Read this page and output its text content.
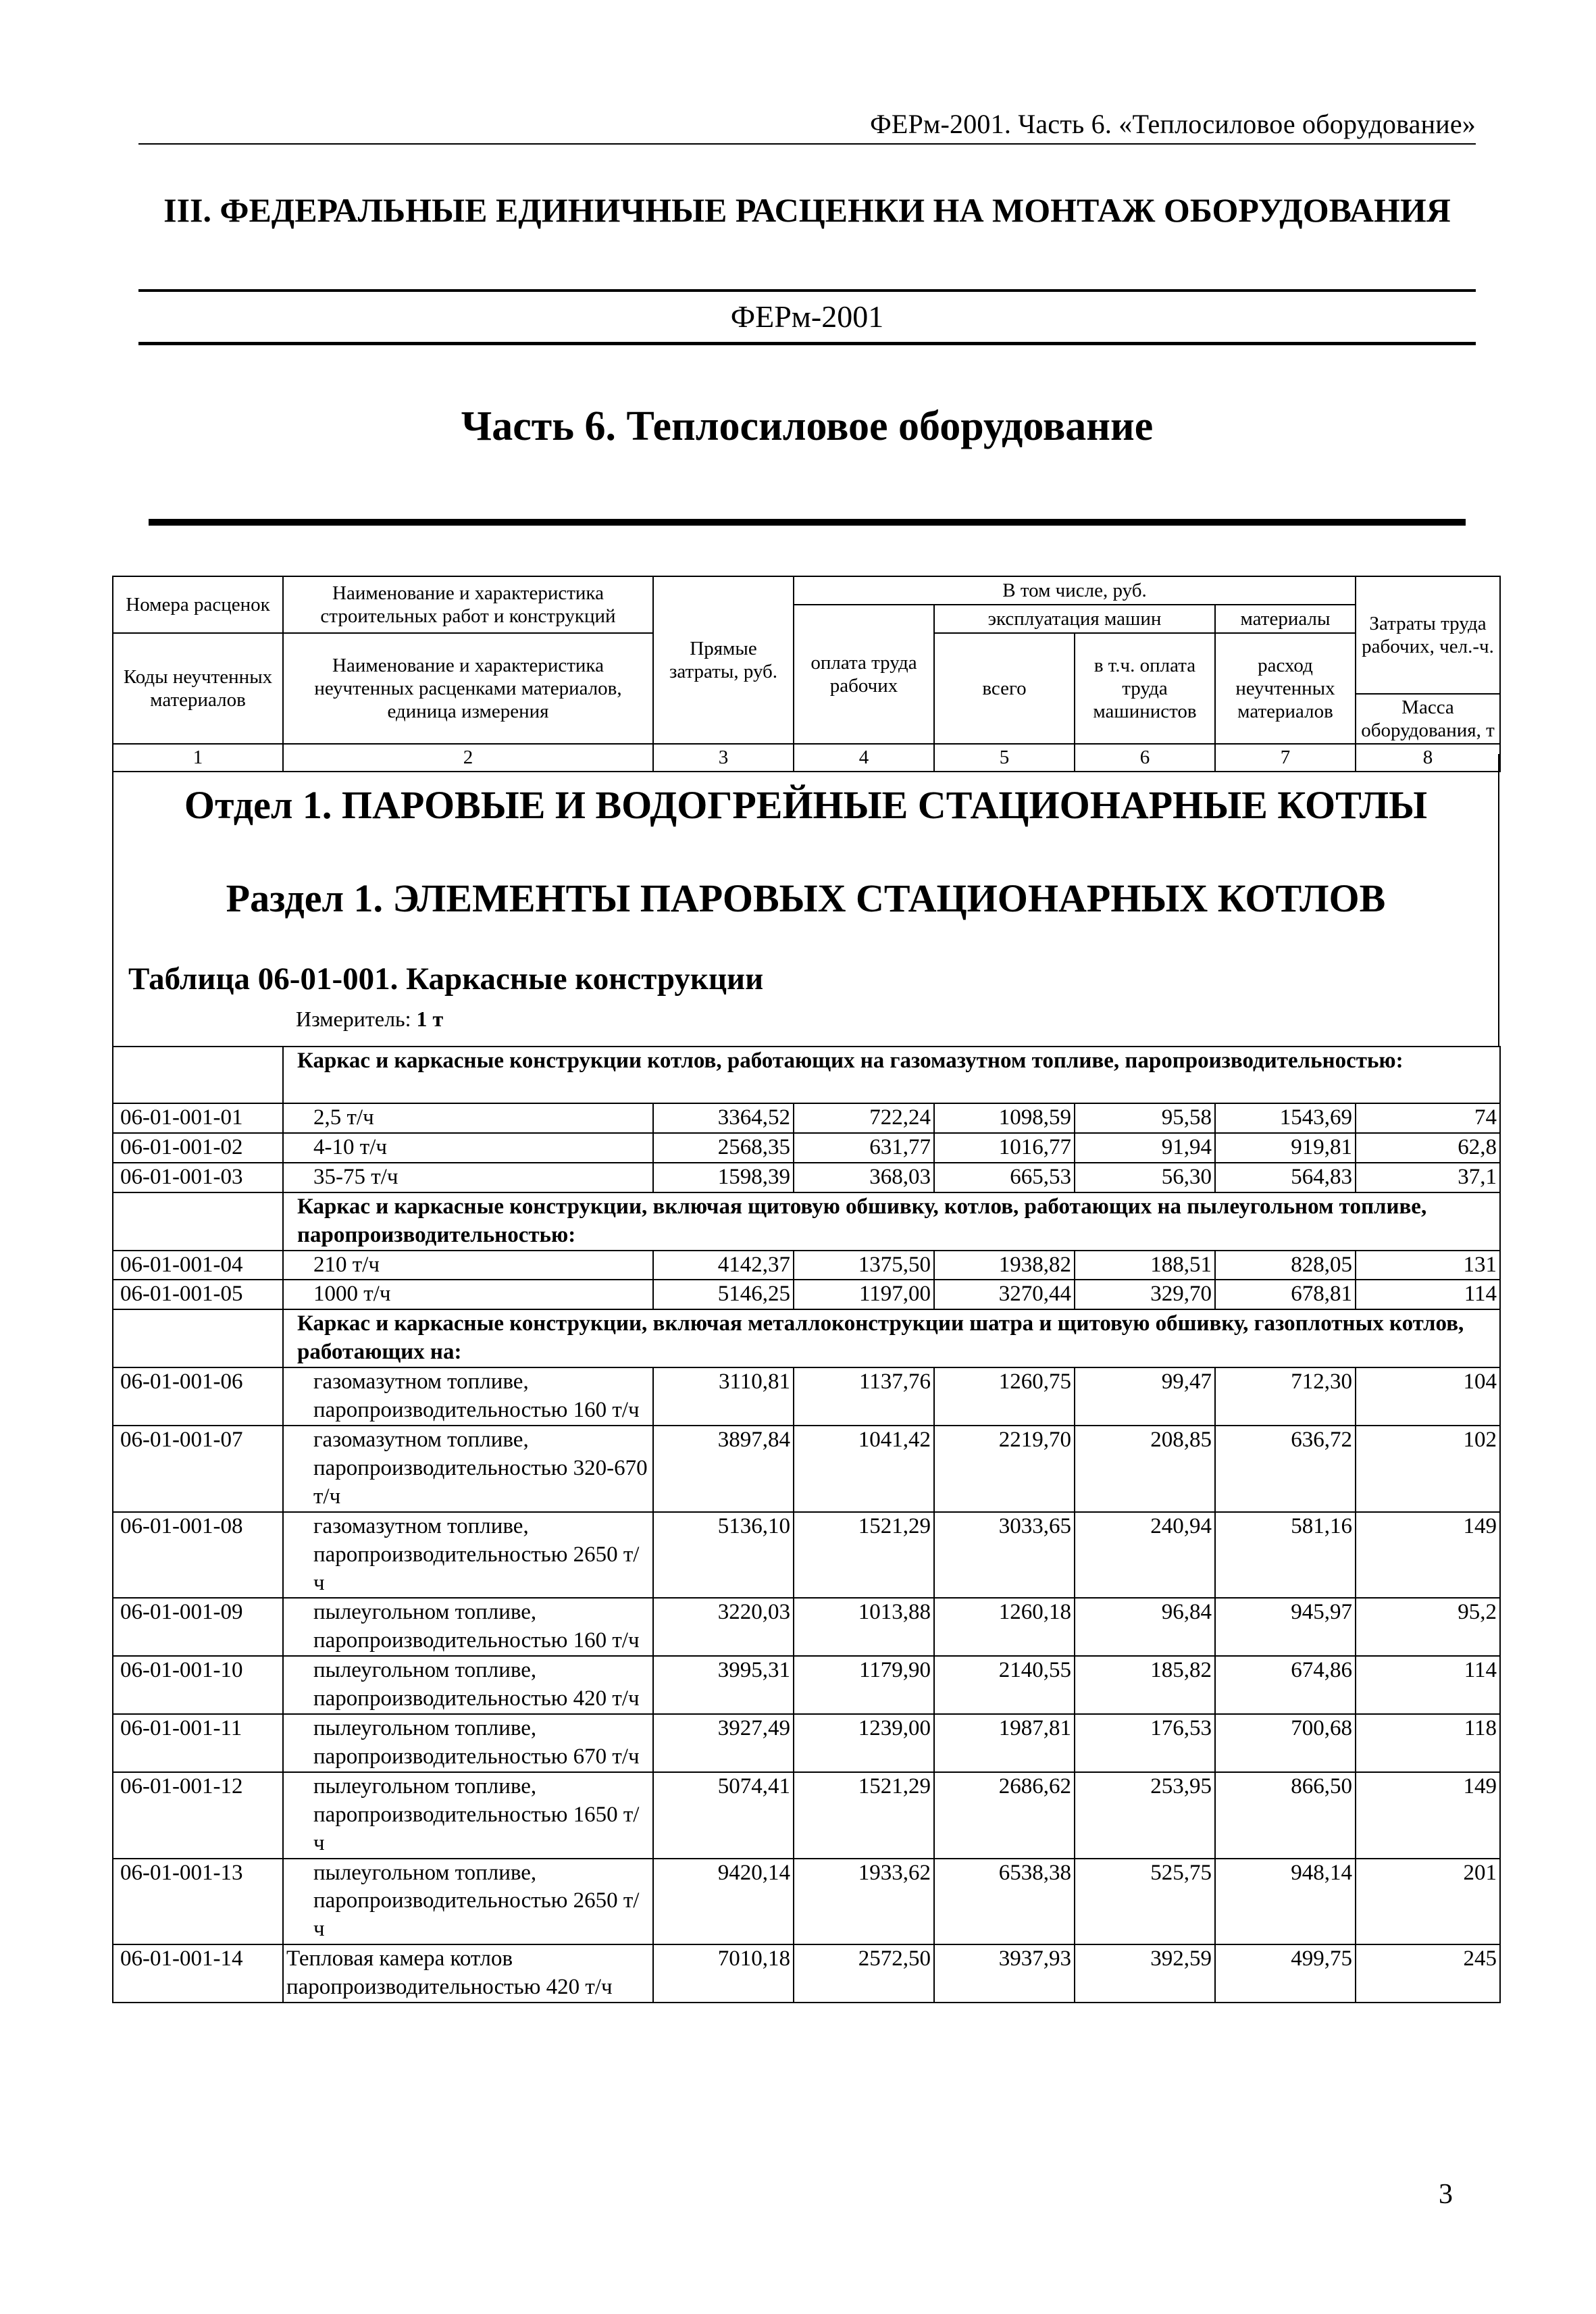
ФЕРм-2001. Часть 6. «Теплосиловое оборудование»
III. ФЕДЕРАЛЬНЫЕ ЕДИНИЧНЫЕ РАСЦЕНКИ НА МОНТАЖ ОБОРУДОВАНИЯ
ФЕРм-2001
Часть 6. Теплосиловое оборудование
Номера расценок	Наименование и характеристика строительных работ и конструкций	Прямые затраты, руб.	В том числе, руб.				Затраты труда рабочих, чел.-ч.
			оплата труда рабочих	эксплуатация машин		материалы	
Коды неучтенных материалов	Наименование и характеристика неучтенных расценками материалов, единица измерения			всего	в т.ч. оплата труда машинистов	расход неучтенных материалов	
							Масса оборудования, т
1	2	3	4	5	6	7	8
Отдел 1. ПАРОВЫЕ И ВОДОГРЕЙНЫЕ СТАЦИОНАРНЫЕ КОТЛЫ
Раздел 1. ЭЛЕМЕНТЫ ПАРОВЫХ СТАЦИОНАРНЫХ КОТЛОВ
Таблица 06-01-001. Каркасные конструкции
Измеритель: 1 т
	Каркас и каркасные конструкции котлов, работающих на газомазутном топливе, паропроизводительностью:						
06-01-001-01	2,5 т/ч	3364,52	722,24	1098,59	95,58	1543,69	74
06-01-001-02	4-10 т/ч	2568,35	631,77	1016,77	91,94	919,81	62,8
06-01-001-03	35-75 т/ч	1598,39	368,03	665,53	56,30	564,83	37,1
	Каркас и каркасные конструкции, включая щитовую обшивку, котлов, работающих на пылеугольном топливе, паропроизводительностью:						
06-01-001-04	210 т/ч	4142,37	1375,50	1938,82	188,51	828,05	131
06-01-001-05	1000 т/ч	5146,25	1197,00	3270,44	329,70	678,81	114
	Каркас и каркасные конструкции, включая металлоконструкции шатра и щитовую обшивку, газоплотных котлов, работающих на:						
06-01-001-06	газомазутном топливе, паропроизводительностью 160 т/ч	3110,81	1137,76	1260,75	99,47	712,30	104
06-01-001-07	газомазутном топливе, паропроизводительностью 320-670 т/ч	3897,84	1041,42	2219,70	208,85	636,72	102
06-01-001-08	газомазутном топливе, паропроизводительностью 2650 т/ч	5136,10	1521,29	3033,65	240,94	581,16	149
06-01-001-09	пылеугольном топливе, паропроизводительностью 160 т/ч	3220,03	1013,88	1260,18	96,84	945,97	95,2
06-01-001-10	пылеугольном топливе, паропроизводительностью 420 т/ч	3995,31	1179,90	2140,55	185,82	674,86	114
06-01-001-11	пылеугольном топливе, паропроизводительностью 670 т/ч	3927,49	1239,00	1987,81	176,53	700,68	118
06-01-001-12	пылеугольном топливе, паропроизводительностью 1650 т/ч	5074,41	1521,29	2686,62	253,95	866,50	149
06-01-001-13	пылеугольном топливе, паропроизводительностью 2650 т/ч	9420,14	1933,62	6538,38	525,75	948,14	201
06-01-001-14	Тепловая камера котлов паропроизводительностью 420 т/ч	7010,18	2572,50	3937,93	392,59	499,75	245
3
